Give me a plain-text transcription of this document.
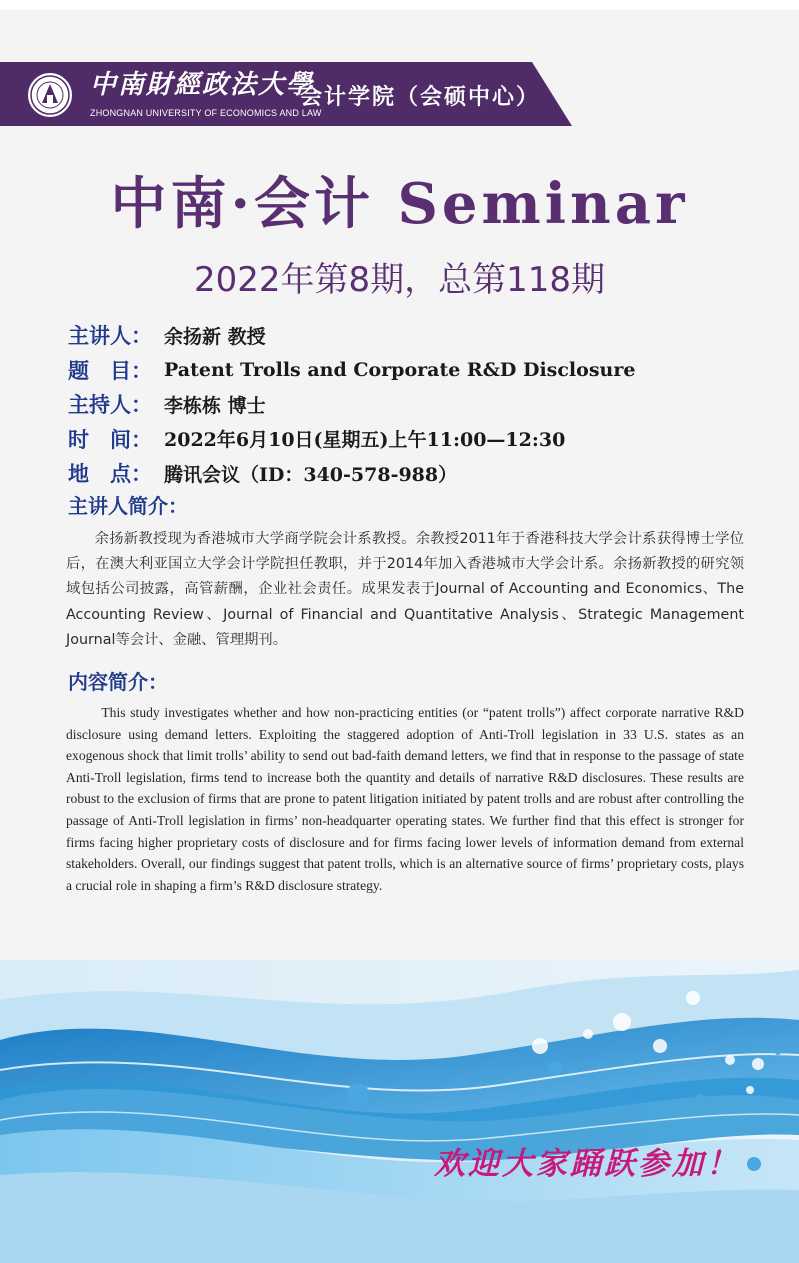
中南財經政法大學
ZHONGNAN UNIVERSITY OF ECONOMICS AND LAW
会计学院（会硕中心）
中南·会计 Seminar
2022年第8期，总第118期
主讲人： 余扬新 教授
题　目： Patent Trolls and Corporate R&D Disclosure
主持人： 李栋栋 博士
时　间： 2022年6月10日(星期五)上午11:00—12:30
地　点： 腾讯会议（ID：340-578-988）
主讲人简介：

余扬新教授现为香港城市大学商学院会计系教授。余教授2011年于香港科技大学会计系获得博士学位后，在澳大利亚国立大学会计学院担任教职，并于2014年加入香港城市大学会计系。余扬新教授的研究领域包括公司披露，高管薪酬，企业社会责任。成果发表于Journal of Accounting and Economics、The Accounting Review、Journal of Financial and Quantitative Analysis、Strategic Management Journal等会计、金融、管理期刊。

内容简介：

This study investigates whether and how non-practicing entities (or “patent trolls”) affect corporate narrative R&D disclosure using demand letters. Exploiting the staggered adoption of Anti-Troll legislation in 33 U.S. states as an exogenous shock that limit trolls’ ability to send out bad-faith demand letters, we find that in response to the passage of state Anti-Troll legislation, firms tend to increase both the quantity and details of narrative R&D disclosures. These results are robust to the exclusion of firms that are prone to patent litigation initiated by patent trolls and are robust after controlling the passage of Anti-Troll legislation in firms’ non-headquarter operating states. We further find that this effect is stronger for firms facing higher proprietary costs of disclosure and for firms facing lower levels of information demand from external stakeholders. Overall, our findings suggest that patent trolls, which is an alternative source of firms’ proprietary costs, plays a crucial role in shaping a firm’s R&D disclosure strategy.

欢迎大家踊跃参加！
